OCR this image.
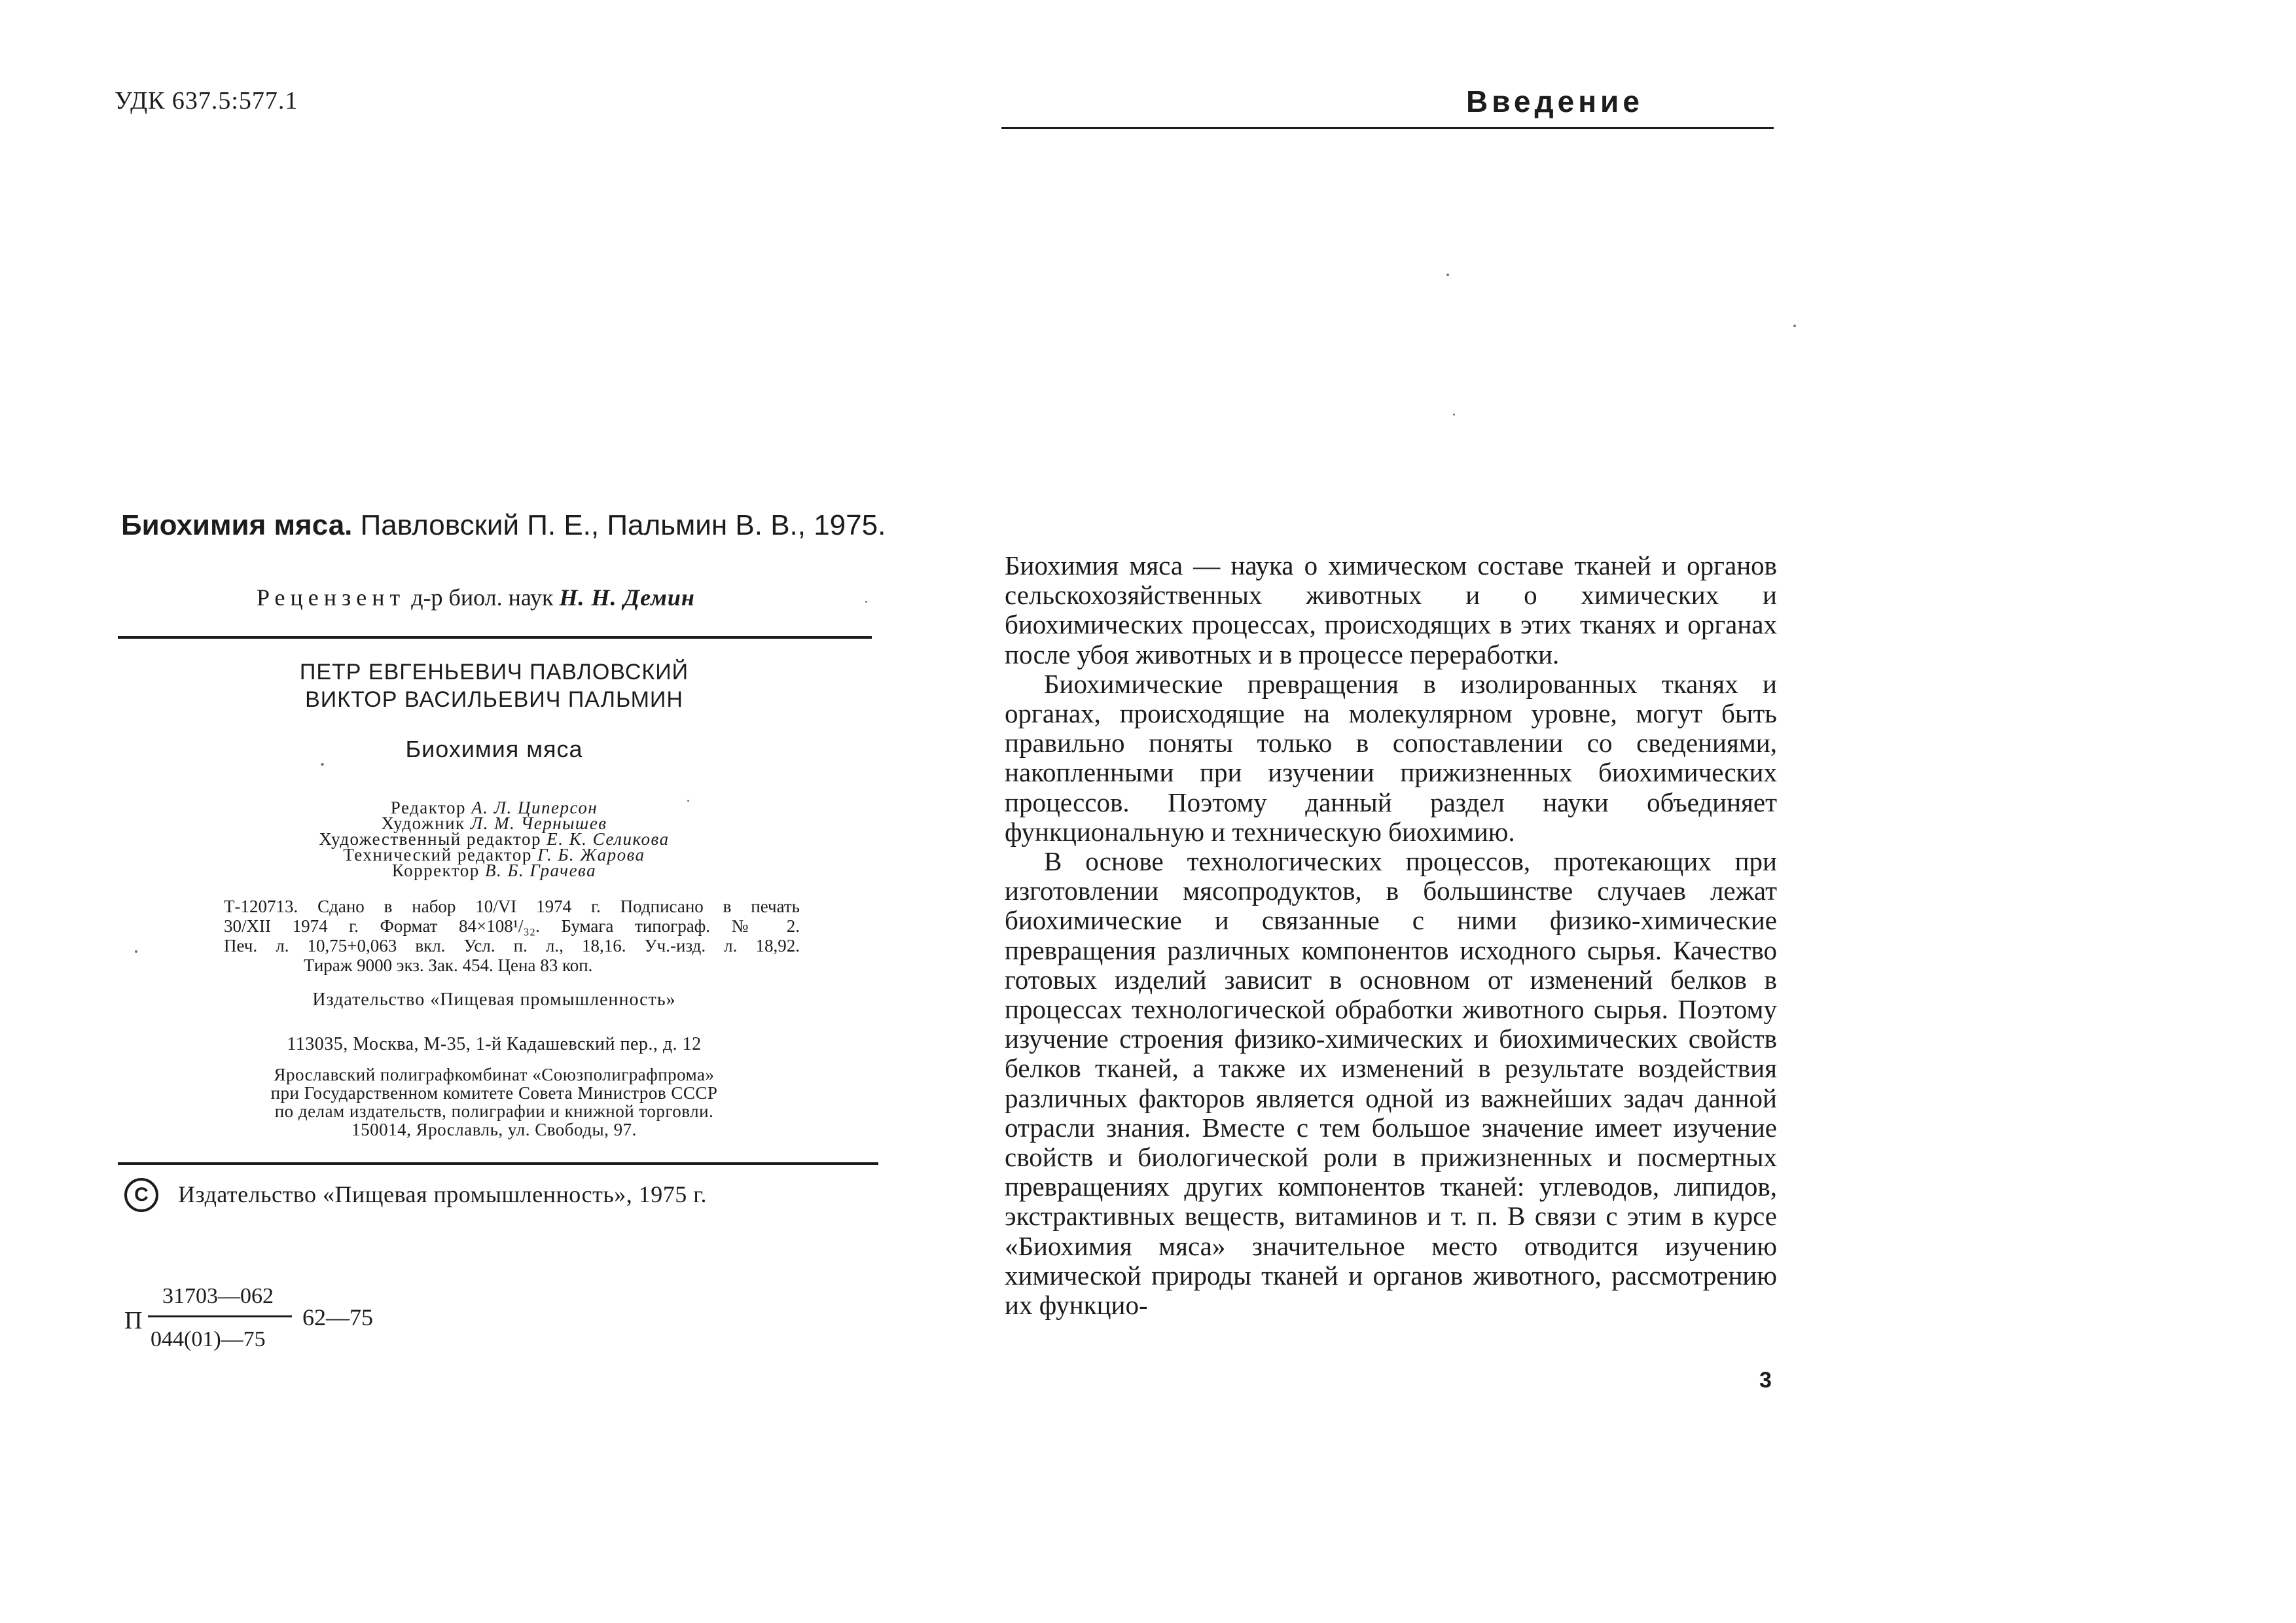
УДК 637.5:577.1
Биохимия мяса. Павловский П. Е., Пальмин В. В., 1975.
Рецензент д-р биол. наук Н. Н. Демин
ПЕТР ЕВГЕНЬЕВИЧ ПАВЛОВСКИЙ
ВИКТОР ВАСИЛЬЕВИЧ ПАЛЬМИН
Биохимия мяса
Редактор А. Л. Циперсон
Художник Л. М. Чернышев
Художественный редактор Е. К. Селикова
Технический редактор Г. Б. Жарова
Корректор В. Б. Грачева
Т-120713. Сдано в набор 10/VI 1974 г. Подписано в печать
30/XII 1974 г. Формат 84×108¹/₃₂. Бумага типограф. № 2.
Печ. л. 10,75+0,063 вкл. Усл. п. л., 18,16. Уч.-изд. л. 18,92.
Тираж 9000 экз. Зак. 454. Цена 83 коп.
Издательство «Пищевая промышленность»
113035, Москва, М-35, 1-й Кадашевский пер., д. 12
Ярославский полиграфкомбинат «Союзполиграфпрома»
при Государственном комитете Совета Министров СССР
по делам издательств, полиграфии и книжной торговли.
150014, Ярославль, ул. Свободы, 97.
C	Издательство «Пищевая промышленность», 1975 г.
П
31703—062
044(01)—75
62—75
Введение

Биохимия мяса — наука о химическом составе тканей и органов сельскохозяйственных животных и о химических и биохимических процессах, происходящих в этих тканях и органах после убоя животных и в процессе переработки.

Биохимические превращения в изолированных тканях и органах, происходящие на молекулярном уровне, могут быть правильно поняты только в сопоставлении со сведениями, накопленными при изучении прижизненных биохимических процессов. Поэтому данный раздел науки объединяет функциональную и техническую биохимию.

В основе технологических процессов, протекающих при изготовлении мясопродуктов, в большинстве случаев лежат биохимические и связанные с ними физико-химические превращения различных компонентов исходного сырья. Качество готовых изделий зависит в основном от изменений белков в процессах технологической обработки животного сырья. Поэтому изучение строения физико-химических и биохимических свойств белков тканей, а также их изменений в результате воздействия различных факторов является одной из важнейших задач данной отрасли знания. Вместе с тем большое значение имеет изучение свойств и биологической роли в прижизненных и посмертных превращениях других компонентов тканей: углеводов, липидов, экстрактивных веществ, витаминов и т. п. В связи с этим в курсе «Биохимия мяса» значительное место отводится изучению химической природы тканей и органов животного, рассмотрению их функцио-

3
